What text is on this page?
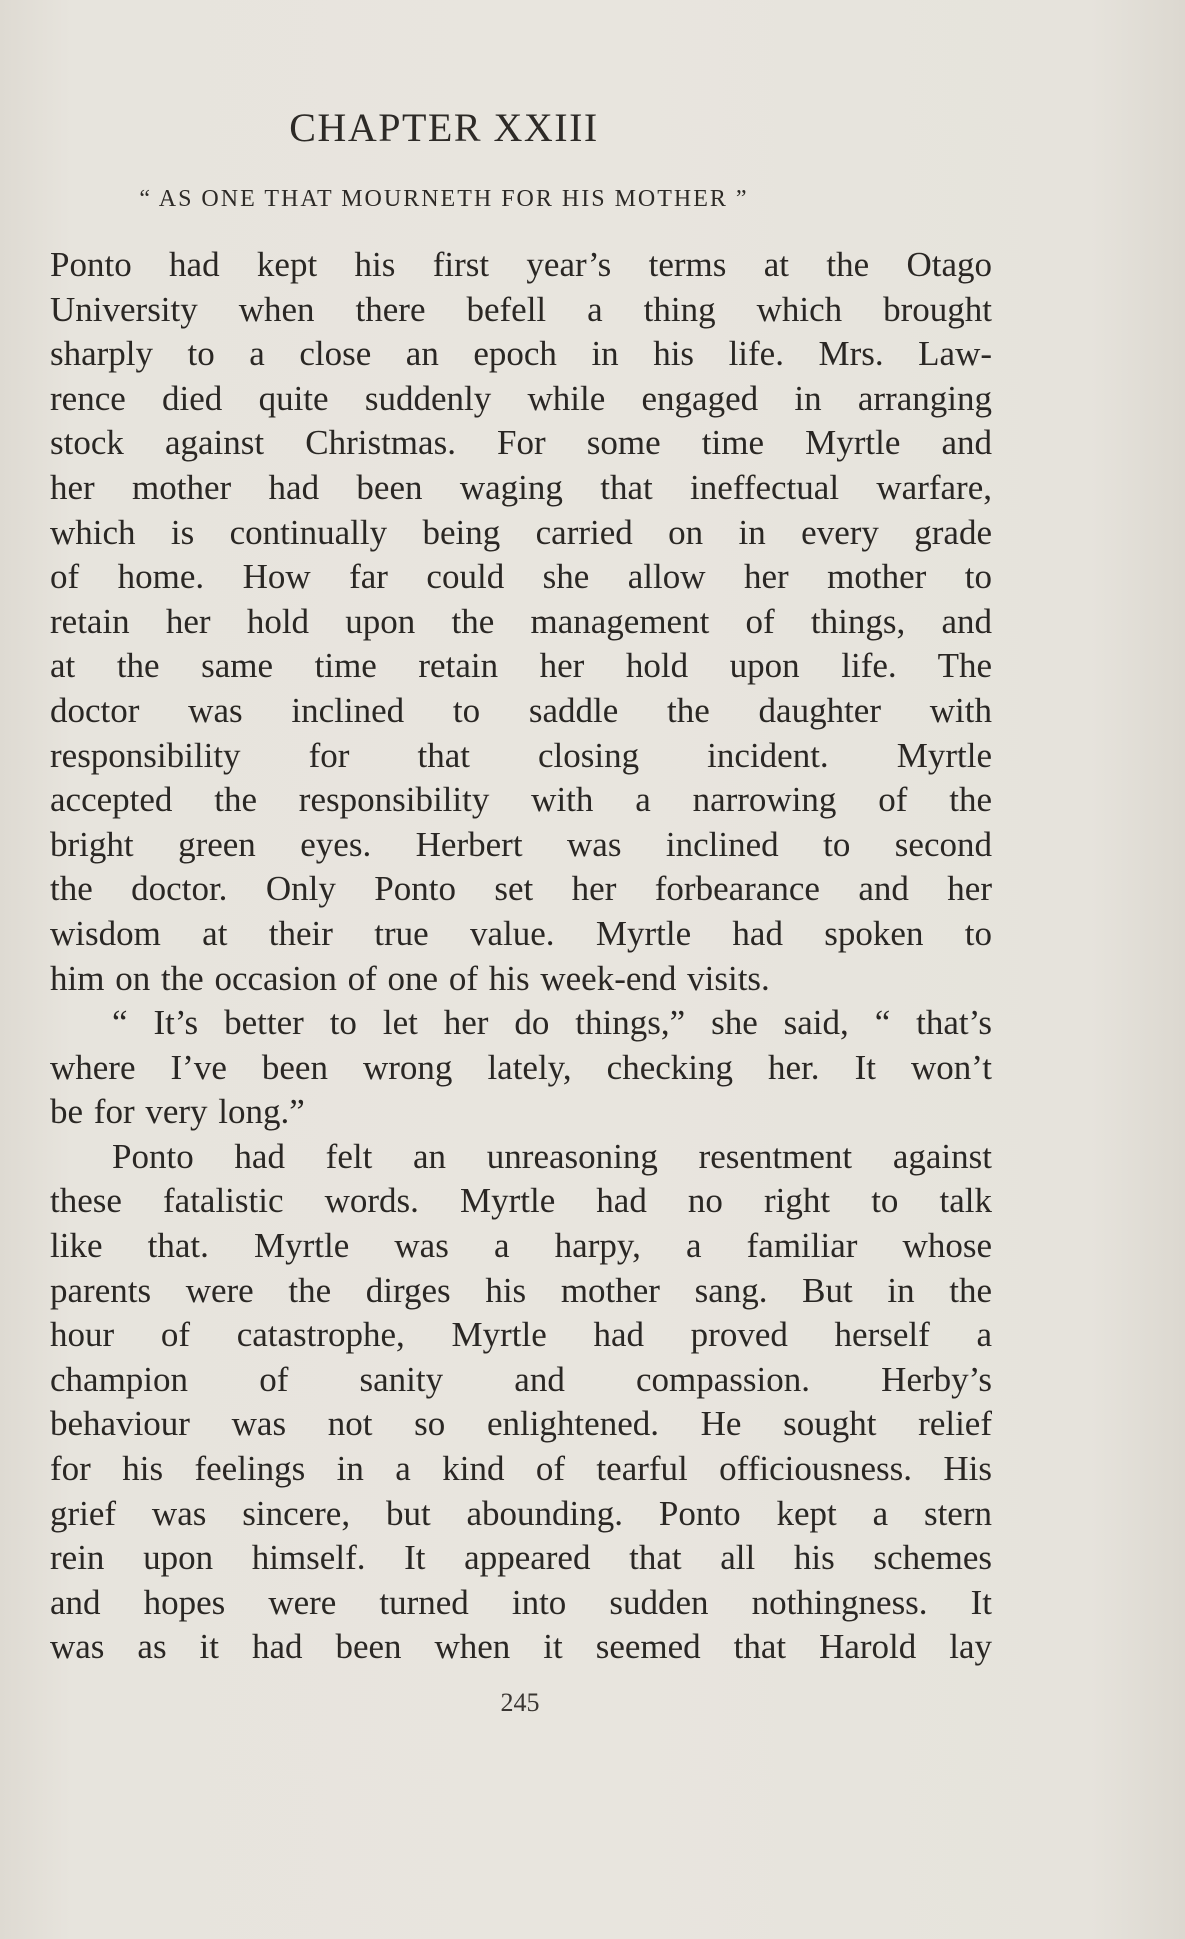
CHAPTER XXIII
“ AS ONE THAT MOURNETH FOR HIS MOTHER ”
Ponto had kept his first year’s terms at the Otago
University when there befell a thing which brought
sharply to a close an epoch in his life. Mrs. Law-
rence died quite suddenly while engaged in arranging
stock against Christmas. For some time Myrtle and
her mother had been waging that ineffectual warfare,
which is continually being carried on in every grade
of home. How far could she allow her mother to
retain her hold upon the management of things, and
at the same time retain her hold upon life. The
doctor was inclined to saddle the daughter with
responsibility for that closing incident. Myrtle
accepted the responsibility with a narrowing of the
bright green eyes. Herbert was inclined to second
the doctor. Only Ponto set her forbearance and her
wisdom at their true value. Myrtle had spoken to
him on the occasion of one of his week-end visits.
“ It’s better to let her do things,” she said, “ that’s
where I’ve been wrong lately, checking her. It won’t
be for very long.”
Ponto had felt an unreasoning resentment against
these fatalistic words. Myrtle had no right to talk
like that. Myrtle was a harpy, a familiar whose
parents were the dirges his mother sang. But in the
hour of catastrophe, Myrtle had proved herself a
champion of sanity and compassion. Herby’s
behaviour was not so enlightened. He sought relief
for his feelings in a kind of tearful officiousness. His
grief was sincere, but abounding. Ponto kept a stern
rein upon himself. It appeared that all his schemes
and hopes were turned into sudden nothingness. It
was as it had been when it seemed that Harold lay
245
